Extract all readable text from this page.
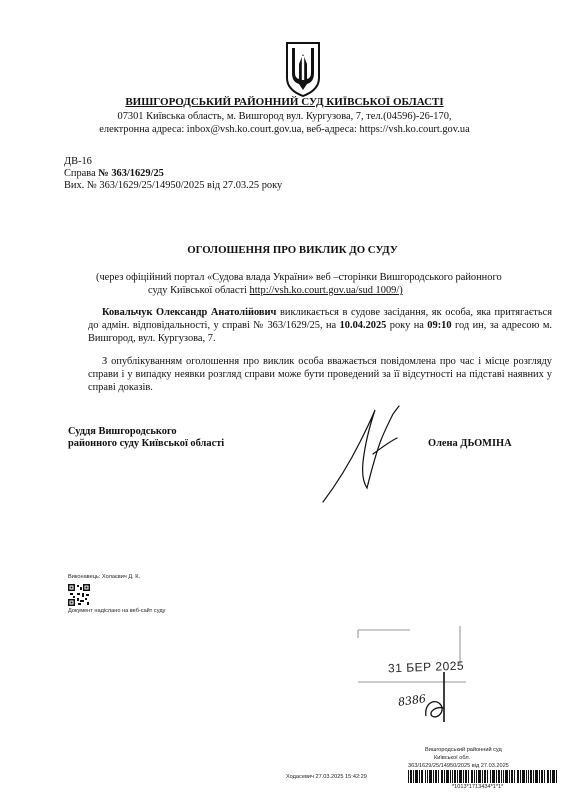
ВИШГОРОДСЬКИЙ РАЙОННИЙ СУД КИЇВСЬКОЇ ОБЛАСТІ
07301 Київська область, м. Вишгород вул. Кургузова, 7, тел.(04596)-26-170,
електронна адреса: inbox@vsh.ko.court.gov.ua, веб-адреса: https://vsh.ko.court.gov.ua
ДВ-16
Справа № 363/1629/25
Вих. № 363/1629/25/14950/2025 від 27.03.25 року
ОГОЛОШЕННЯ ПРО ВИКЛИК ДО СУДУ
(через офіційний портал «Судова влада України» веб –сторінки Вишгородського районного
суду Київської області http://vsh.ko.court.gov.ua/sud 1009/)
Ковальчук Олександр Анатолійович викликається в судове засідання, як особа, яка притягається до адмін. відповідальності, у справі № 363/1629/25, на 10.04.2025 року на 09:10 год ин, за адресою м. Вишгород, вул. Кургузова, 7.
З опублікуванням оголошення про виклик особа вважається повідомлена про час і місце розгляду справи і у випадку неявки розгляд справи може бути проведений за її відсутності на підставі наявних у справі доказів.
Суддя Вишгородського
районного суду Київської області	Олена ДЬОМІНА
Виконавець: Холаєвич Д. К.
Документ надіслано на веб-сайт суду
31 БЕР 2025
8386
Вишгородський районний суд
Київської обл.
363/1629/25/14950/2025 від 27.03.2025
*1013*1713434*1*1*
Ходасевич 27.03.2025 15:42:29
